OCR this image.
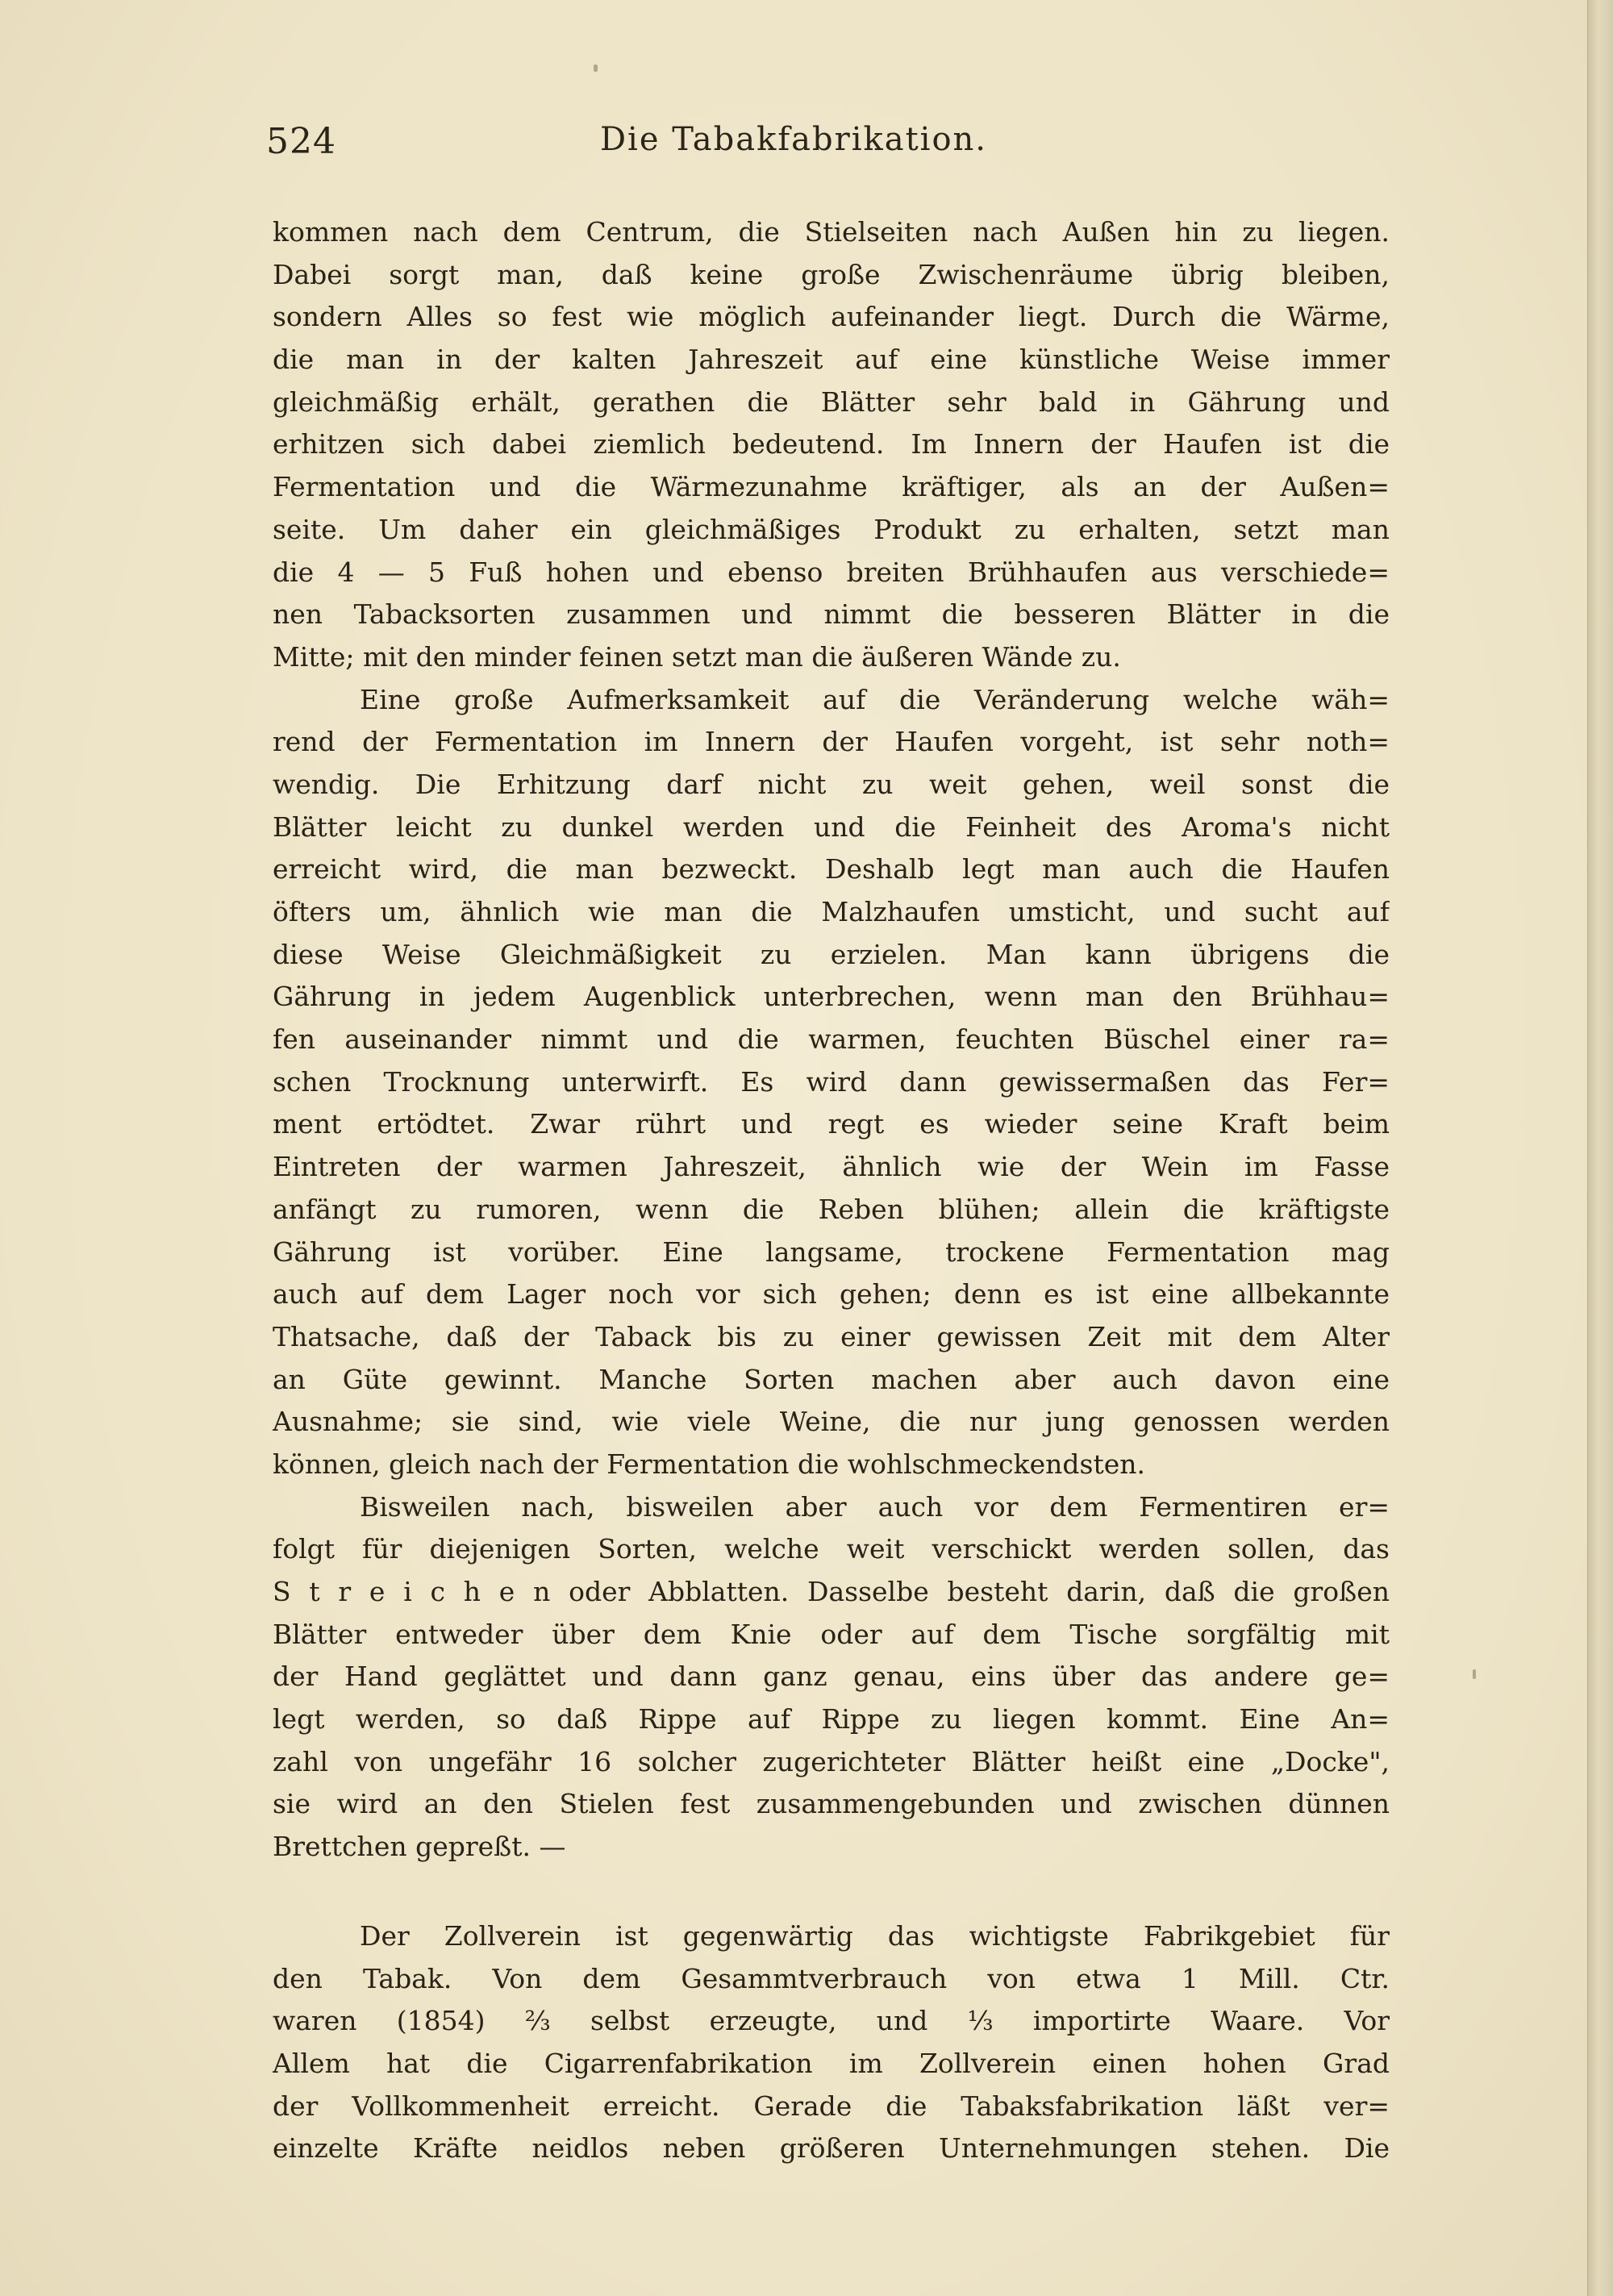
524	Die Tabakfabrikation.
kommen nach dem Centrum, die Stielseiten nach Außen hin zu liegen.
Dabei sorgt man, daß keine große Zwischenräume übrig bleiben,
sondern Alles so fest wie möglich aufeinander liegt. Durch die Wärme,
die man in der kalten Jahreszeit auf eine künstliche Weise immer
gleichmäßig erhält, gerathen die Blätter sehr bald in Gährung und
erhitzen sich dabei ziemlich bedeutend. Im Innern der Haufen ist die
Fermentation und die Wärmezunahme kräftiger, als an der Außen=
seite. Um daher ein gleichmäßiges Produkt zu erhalten, setzt man
die 4 — 5 Fuß hohen und ebenso breiten Brühhaufen aus verschiede=
nen Tabacksorten zusammen und nimmt die besseren Blätter in die
Mitte; mit den minder feinen setzt man die äußeren Wände zu.
Eine große Aufmerksamkeit auf die Veränderung welche wäh=
rend der Fermentation im Innern der Haufen vorgeht, ist sehr noth=
wendig. Die Erhitzung darf nicht zu weit gehen, weil sonst die
Blätter leicht zu dunkel werden und die Feinheit des Aroma's nicht
erreicht wird, die man bezweckt. Deshalb legt man auch die Haufen
öfters um, ähnlich wie man die Malzhaufen umsticht, und sucht auf
diese Weise Gleichmäßigkeit zu erzielen. Man kann übrigens die
Gährung in jedem Augenblick unterbrechen, wenn man den Brühhau=
fen auseinander nimmt und die warmen, feuchten Büschel einer ra=
schen Trocknung unterwirft. Es wird dann gewissermaßen das Fer=
ment ertödtet. Zwar rührt und regt es wieder seine Kraft beim
Eintreten der warmen Jahreszeit, ähnlich wie der Wein im Fasse
anfängt zu rumoren, wenn die Reben blühen; allein die kräftigste
Gährung ist vorüber. Eine langsame, trockene Fermentation mag
auch auf dem Lager noch vor sich gehen; denn es ist eine allbekannte
Thatsache, daß der Taback bis zu einer gewissen Zeit mit dem Alter
an Güte gewinnt. Manche Sorten machen aber auch davon eine
Ausnahme; sie sind, wie viele Weine, die nur jung genossen werden
können, gleich nach der Fermentation die wohlschmeckendsten.
Bisweilen nach, bisweilen aber auch vor dem Fermentiren er=
folgt für diejenigen Sorten, welche weit verschickt werden sollen, das
S t r e i c h e n oder Abblatten. Dasselbe besteht darin, daß die großen
Blätter entweder über dem Knie oder auf dem Tische sorgfältig mit
der Hand geglättet und dann ganz genau, eins über das andere ge=
legt werden, so daß Rippe auf Rippe zu liegen kommt. Eine An=
zahl von ungefähr 16 solcher zugerichteter Blätter heißt eine „Docke",
sie wird an den Stielen fest zusammengebunden und zwischen dünnen
Brettchen gepreßt. —
Der Zollverein ist gegenwärtig das wichtigste Fabrikgebiet für
den Tabak. Von dem Gesammtverbrauch von etwa 1 Mill. Ctr.
waren (1854) ⅔ selbst erzeugte, und ⅓ importirte Waare. Vor
Allem hat die Cigarrenfabrikation im Zollverein einen hohen Grad
der Vollkommenheit erreicht. Gerade die Tabaksfabrikation läßt ver=
einzelte Kräfte neidlos neben größeren Unternehmungen stehen. Die
